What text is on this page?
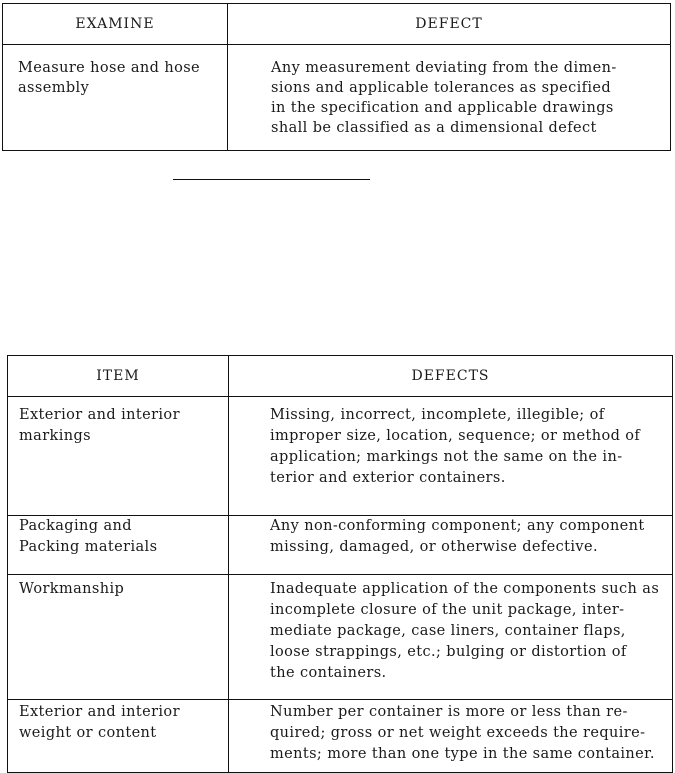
EXAMINE	DEFECT

Measure hose and hose
assembly	Any measurement deviating from the dimen-
sions and applicable tolerances as specified
in the specification and applicable drawings
shall be classified as a dimensional defect
ITEM	DEFECTS

Exterior and interior
markings	Missing, incorrect, incomplete, illegible; of
improper size, location, sequence; or method of
application; markings not the same on the in-
terior and exterior containers.

Packaging and
Packing materials	Any non-conforming component; any component
missing, damaged, or otherwise defective.

Workmanship	Inadequate application of the components such as
incomplete closure of the unit package, inter-
mediate package, case liners, container flaps,
loose strappings, etc.; bulging or distortion of
the containers.

Exterior and interior
weight or content	Number per container is more or less than re-
quired; gross or net weight exceeds the require-
ments; more than one type in the same container.
